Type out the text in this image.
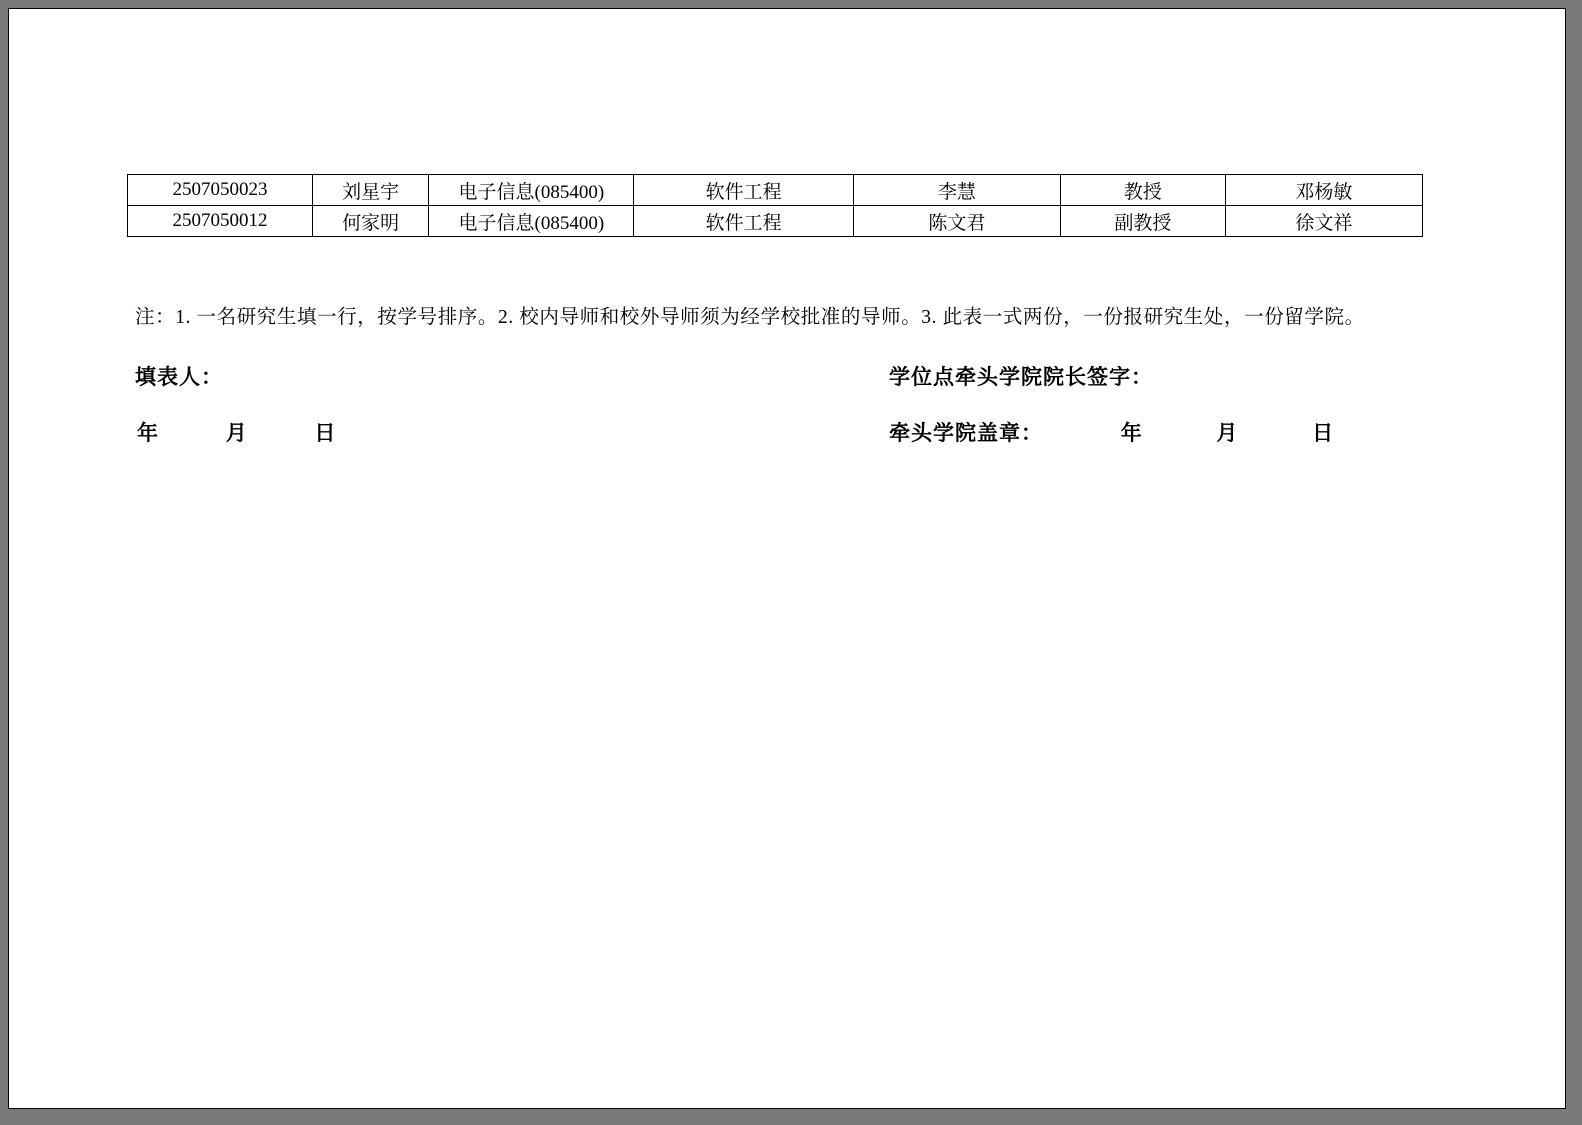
2507050023	刘星宇	电子信息(085400)	软件工程	李慧	教授	邓杨敏
2507050012	何家明	电子信息(085400)	软件工程	陈文君	副教授	徐文祥
注：1. 一名研究生填一行，按学号排序。2. 校内导师和校外导师须为经学校批准的导师。3. 此表一式两份，一份报研究生处，一份留学院。
填表人：
年	月	日
学位点牵头学院院长签字：
牵头学院盖章：	年	月	日
